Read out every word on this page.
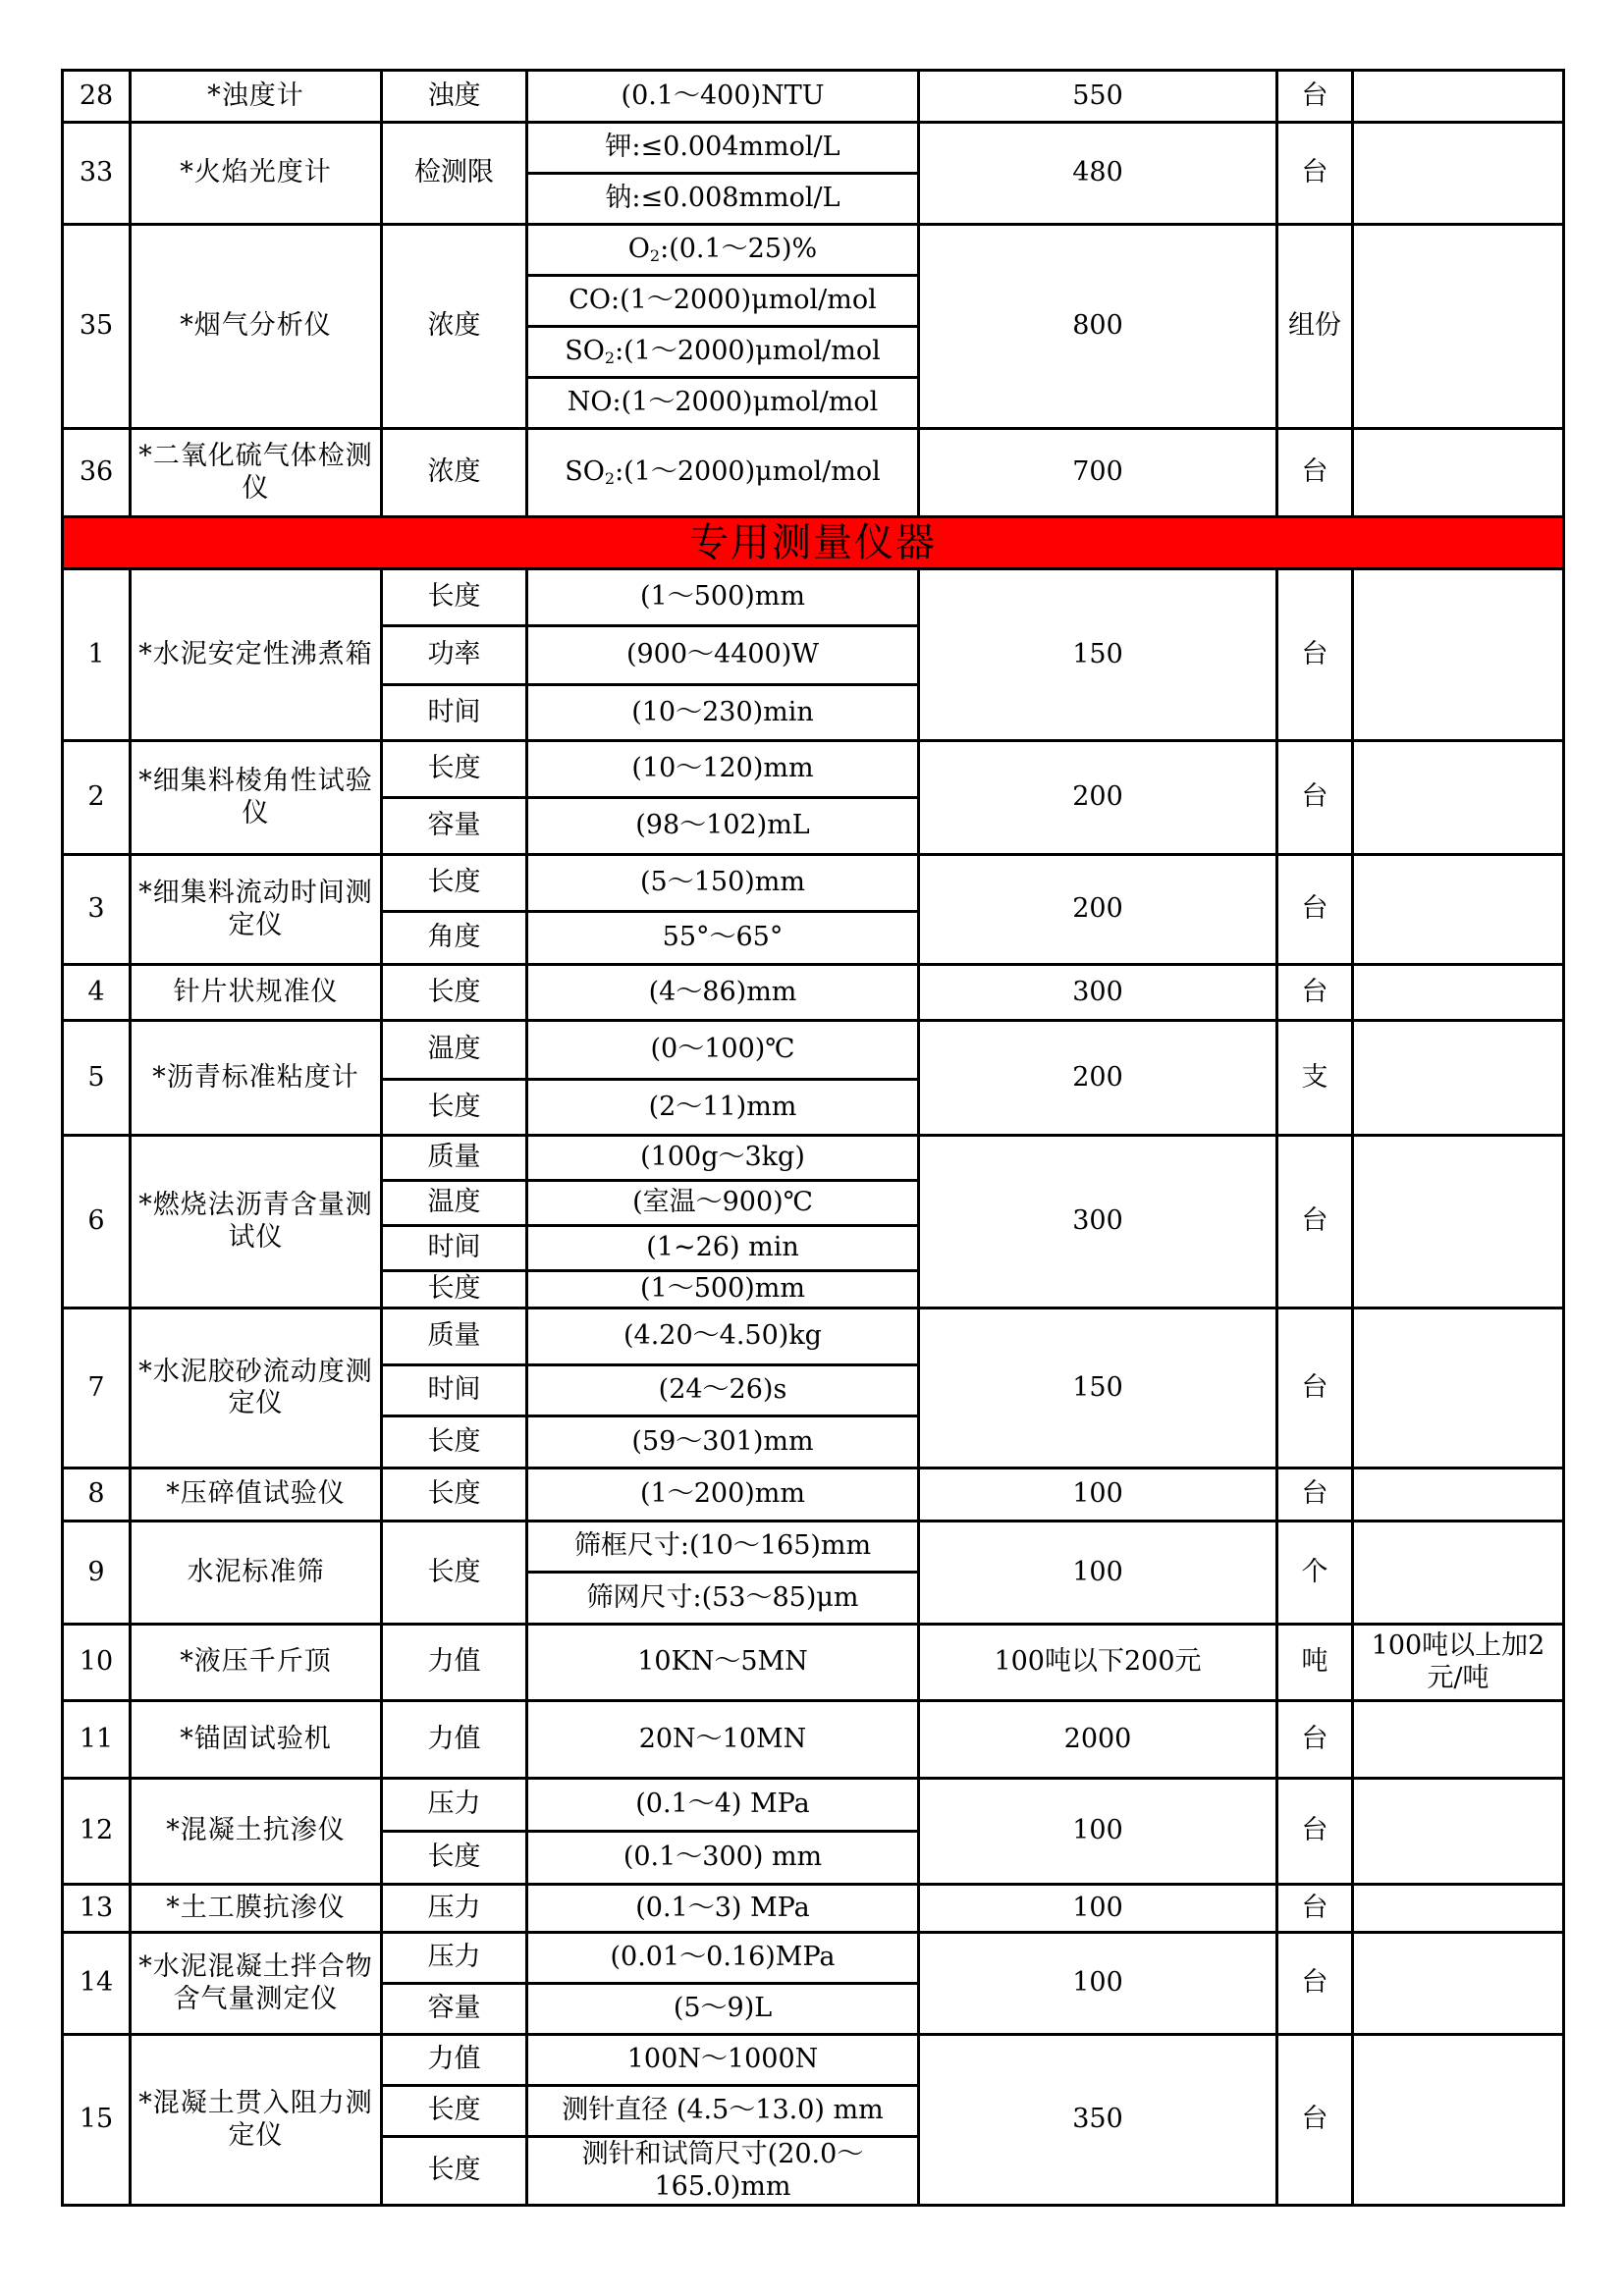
28	*浊度计	浊度	(0.1～400)NTU	550	台	
33	*火焰光度计	检测限	钾:≤0.004mmol/L	480	台	
			钠:≤0.008mmol/L			
35	*烟气分析仪	浓度	$O_2:(0.1\sim 25)\%$	800	组份	
			CO:(1～2000)μmol/mol			
			$SO_2:(1\sim 2000)\mu mol$/mol			
			NO:(1～2000)μmol/mol			
36	*二氧化硫气体检测仪	浓度	$SO_2:(1\sim 2000)\mu mol$/mol	700	台	
专用测量仪器						
1	*水泥安定性沸煮箱	长度	(1～500)mm	150	台	
		功率	(900～4400)W			
		时间	(10～230)min			
2	*细集料棱角性试验仪	长度	(10～120)mm	200	台	
		容量	(98～102)mL			
3	*细集料流动时间测定仪	长度	(5～150)mm	200	台	
		角度	55°～65°			
4	针片状规准仪	长度	(4～86)mm	300	台	
5	*沥青标准粘度计	温度	(0～100)℃	200	支	
		长度	(2～11)mm			
6	*燃烧法沥青含量测试仪	质量	(100g～3kg)	300	台	
		温度	(室温～900)℃			
		时间	(1~26) min			
		长度	(1～500)mm			
7	*水泥胶砂流动度测定仪	质量	(4.20～4.50)kg	150	台	
		时间	(24～26)s			
		长度	(59～301)mm			
8	*压碎值试验仪	长度	(1～200)mm	100	台	
9	水泥标准筛	长度	筛框尺寸:(10～165)mm	100	个	
			筛网尺寸:(53～85)μm			
10	*液压千斤顶	力值	10KN～5MN	100吨以下200元	吨	100吨以上加2元/吨
11	*锚固试验机	力值	20N～10MN	2000	台	
12	*混凝土抗渗仪	压力	(0.1～4) MPa	100	台	
		长度	(0.1～300) mm			
13	*土工膜抗渗仪	压力	(0.1～3) MPa	100	台	
14	*水泥混凝土拌合物含气量测定仪	压力	(0.01～0.16)MPa	100	台	
		容量	(5～9)L			
15	*混凝土贯入阻力测定仪	力值	100N～1000N	350	台	
		长度	测针直径 (4.5～13.0) mm			
		长度	测针和试筒尺寸(20.0～165.0)mm			
